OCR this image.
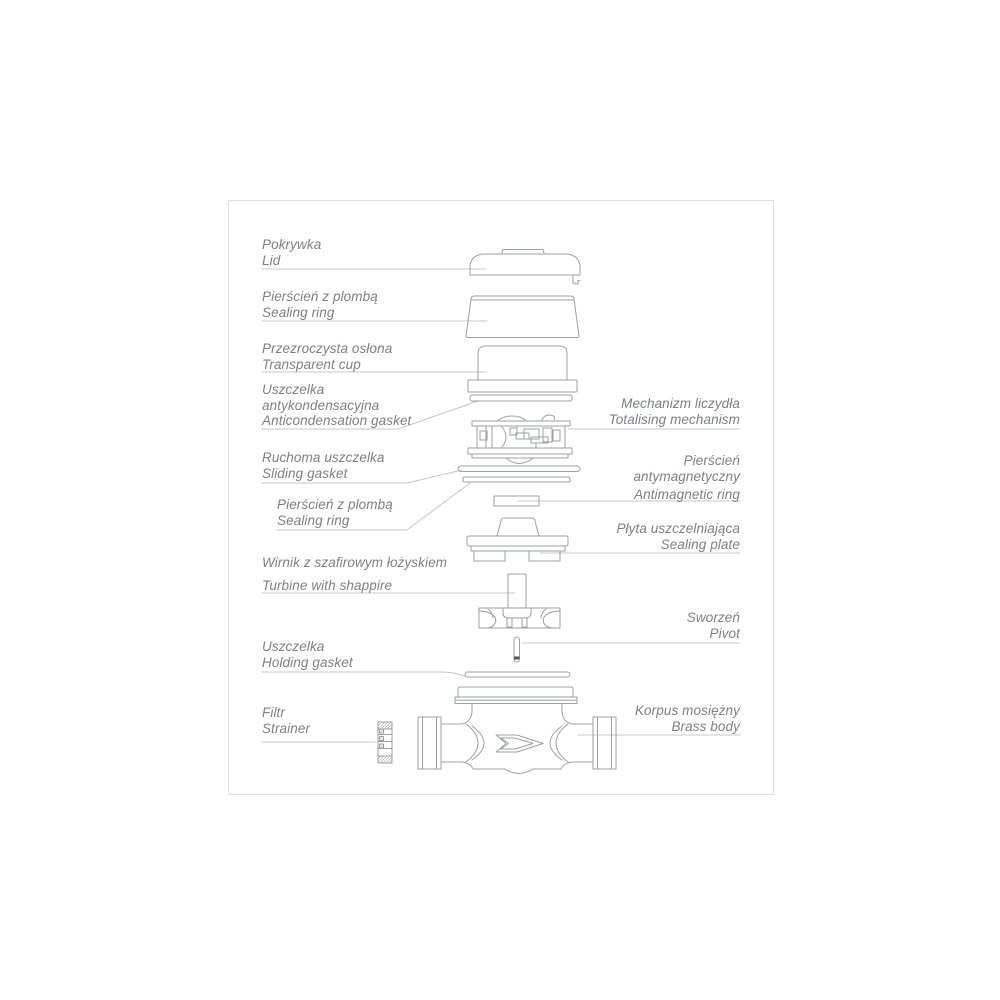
Pokrywka
Lid
Pierścień z plombą
Sealing ring
Przezroczysta osłona
Transparent cup
Uszczelka antykondensacyjna
Anticondensation gasket
Ruchoma uszczelka
Sliding gasket
Pierścień z plombą
Sealing ring
Wirnik z szafirowym łożyskiem
Turbine with shappire
Uszczelka
Holding gasket
Filtr
Strainer
Mechanizm liczydła
Totalising mechanism
Pierścień antymagnetyczny
Antimagnetic ring
Płyta uszczelniająca
Sealing plate
Sworzeń
Pivot
Korpus mosiężny
Brass body
